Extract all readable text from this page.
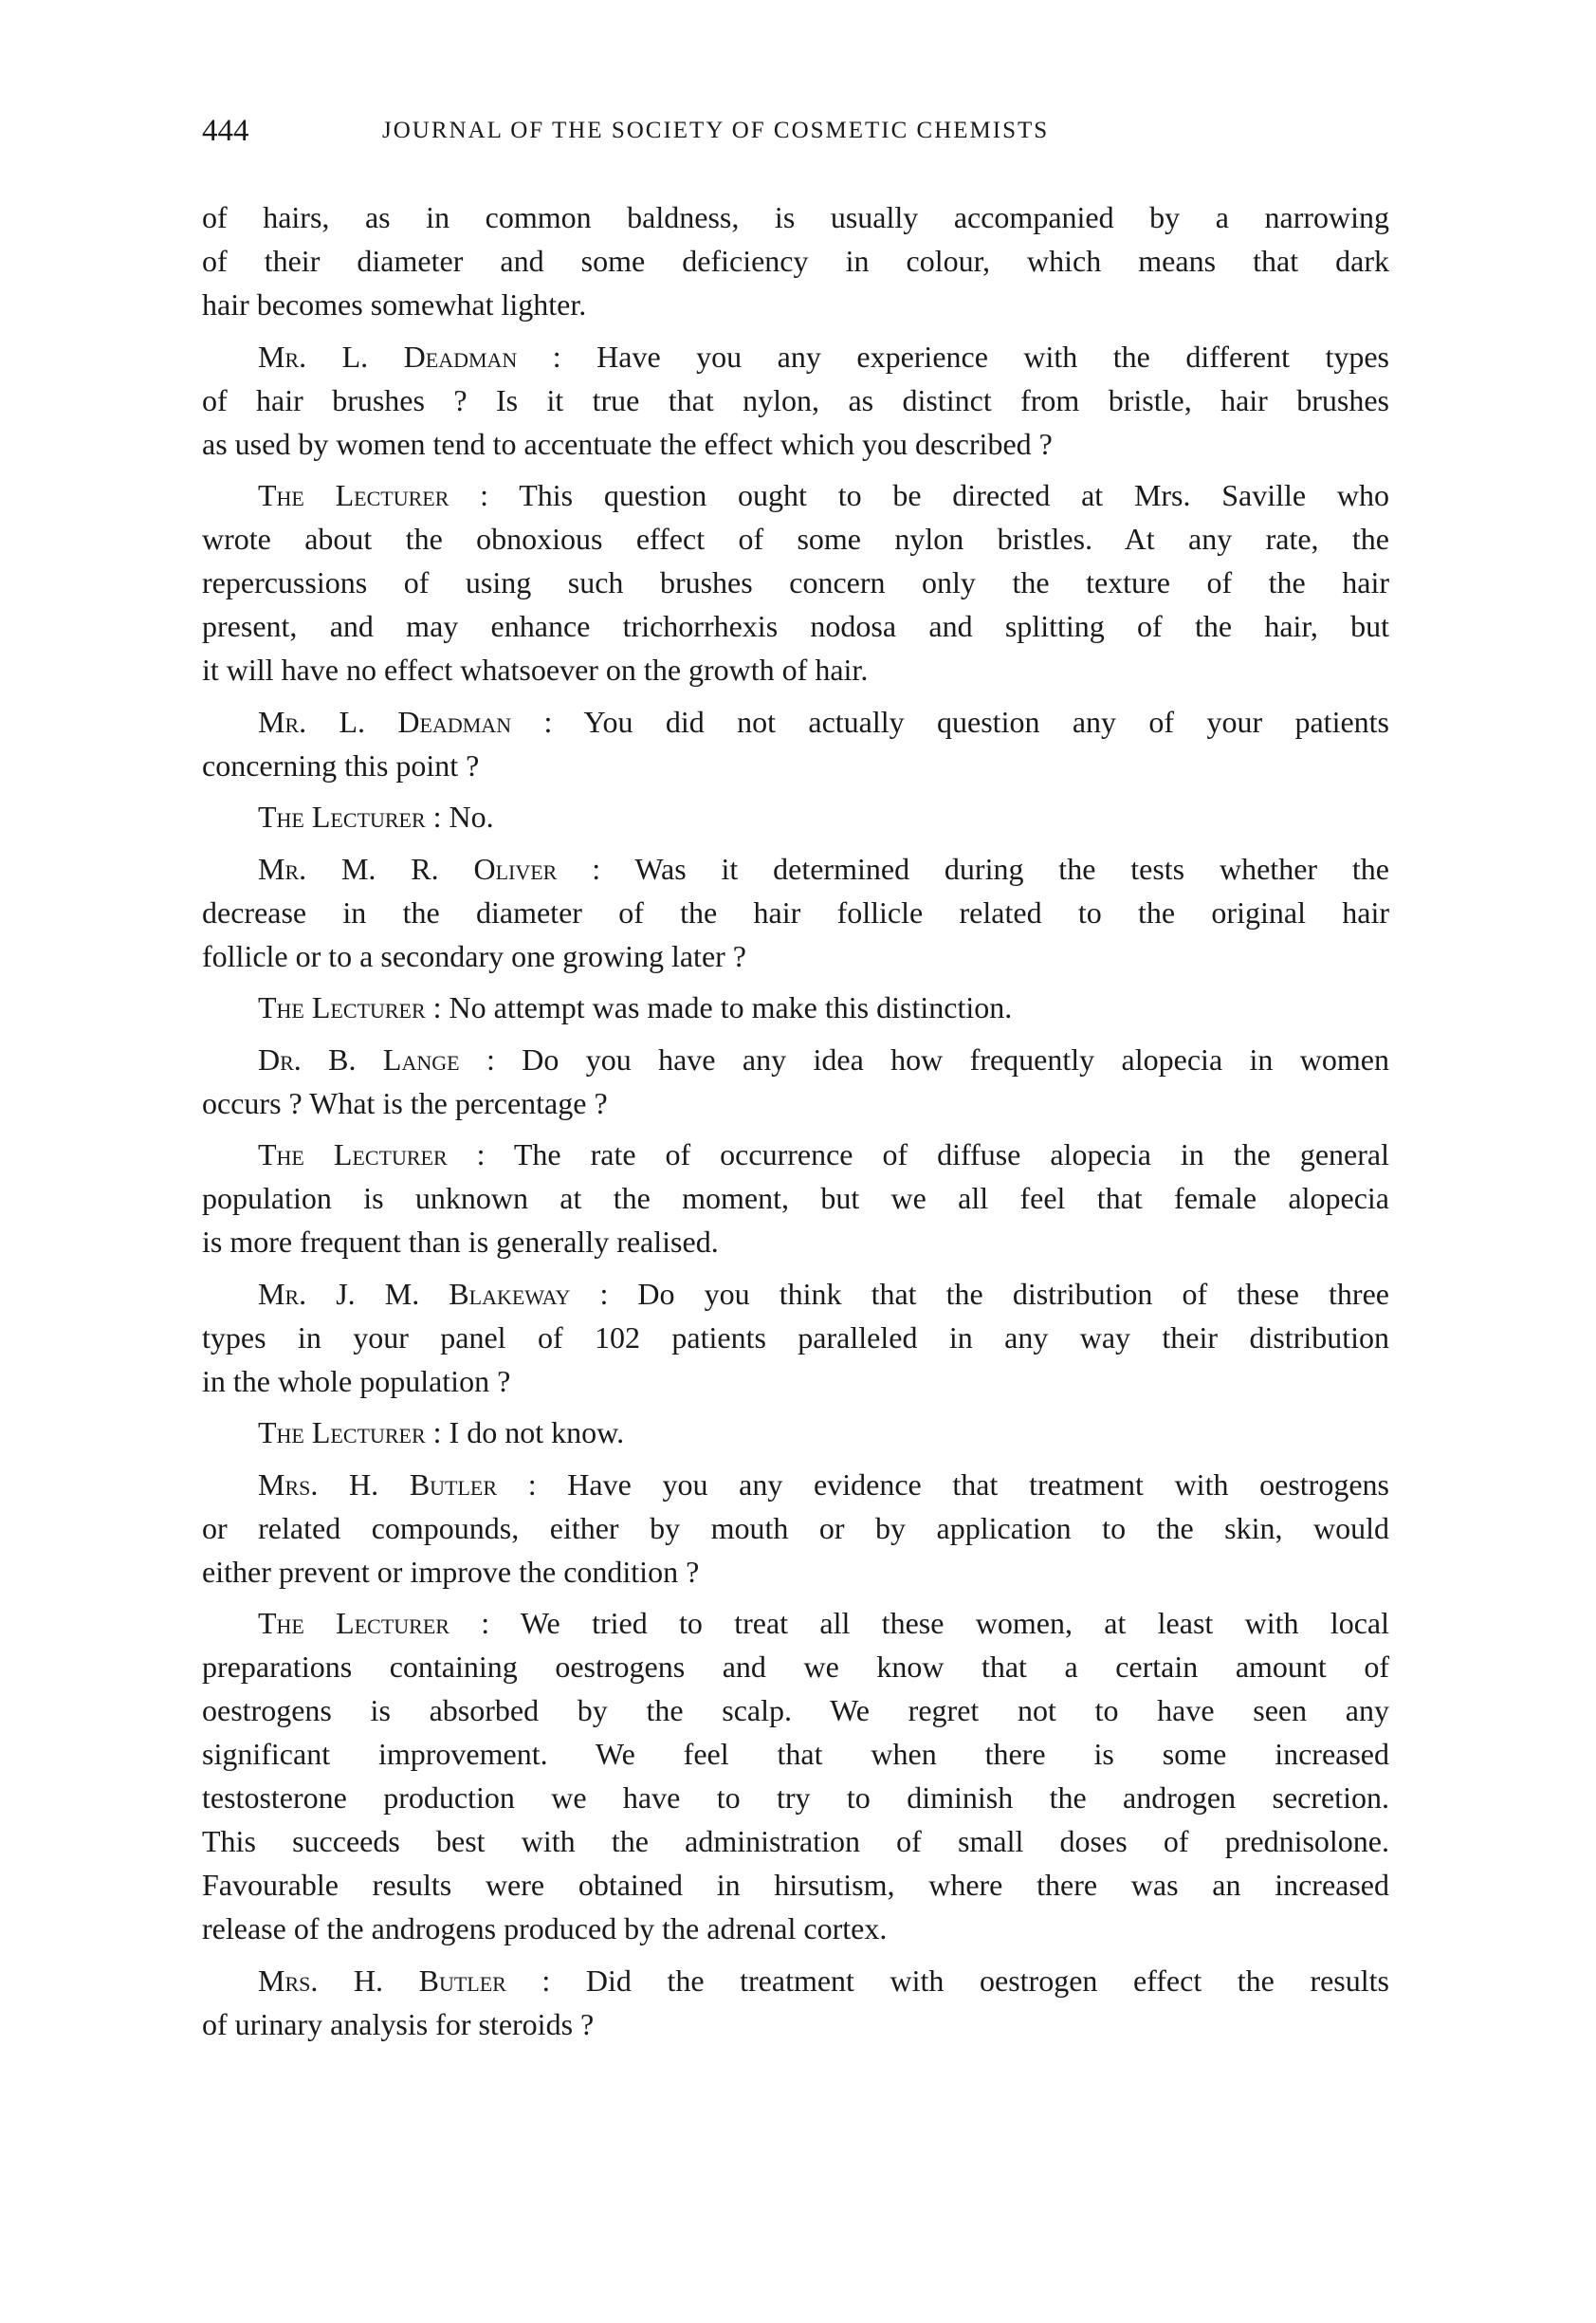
444	JOURNAL OF THE SOCIETY OF COSMETIC CHEMISTS
of hairs, as in common baldness, is usually accompanied by a narrowing
of their diameter and some deficiency in colour, which means that dark
hair becomes somewhat lighter.
Mr. L. Deadman : Have you any experience with the different types
of hair brushes ? Is it true that nylon, as distinct from bristle, hair brushes
as used by women tend to accentuate the effect which you described ?
The Lecturer : This question ought to be directed at Mrs. Saville who
wrote about the obnoxious effect of some nylon bristles. At any rate, the
repercussions of using such brushes concern only the texture of the hair
present, and may enhance trichorrhexis nodosa and splitting of the hair, but
it will have no effect whatsoever on the growth of hair.
Mr. L. Deadman : You did not actually question any of your patients
concerning this point ?
The Lecturer : No.
Mr. M. R. Oliver : Was it determined during the tests whether the
decrease in the diameter of the hair follicle related to the original hair
follicle or to a secondary one growing later ?
The Lecturer : No attempt was made to make this distinction.
Dr. B. Lange : Do you have any idea how frequently alopecia in women
occurs ? What is the percentage ?
The Lecturer : The rate of occurrence of diffuse alopecia in the general
population is unknown at the moment, but we all feel that female alopecia
is more frequent than is generally realised.
Mr. J. M. Blakeway : Do you think that the distribution of these three
types in your panel of 102 patients paralleled in any way their distribution
in the whole population ?
The Lecturer : I do not know.
Mrs. H. Butler : Have you any evidence that treatment with oestrogens
or related compounds, either by mouth or by application to the skin, would
either prevent or improve the condition ?
The Lecturer : We tried to treat all these women, at least with local
preparations containing oestrogens and we know that a certain amount of
oestrogens is absorbed by the scalp. We regret not to have seen any
significant improvement. We feel that when there is some increased
testosterone production we have to try to diminish the androgen secretion.
This succeeds best with the administration of small doses of prednisolone.
Favourable results were obtained in hirsutism, where there was an increased
release of the androgens produced by the adrenal cortex.
Mrs. H. Butler : Did the treatment with oestrogen effect the results
of urinary analysis for steroids ?
